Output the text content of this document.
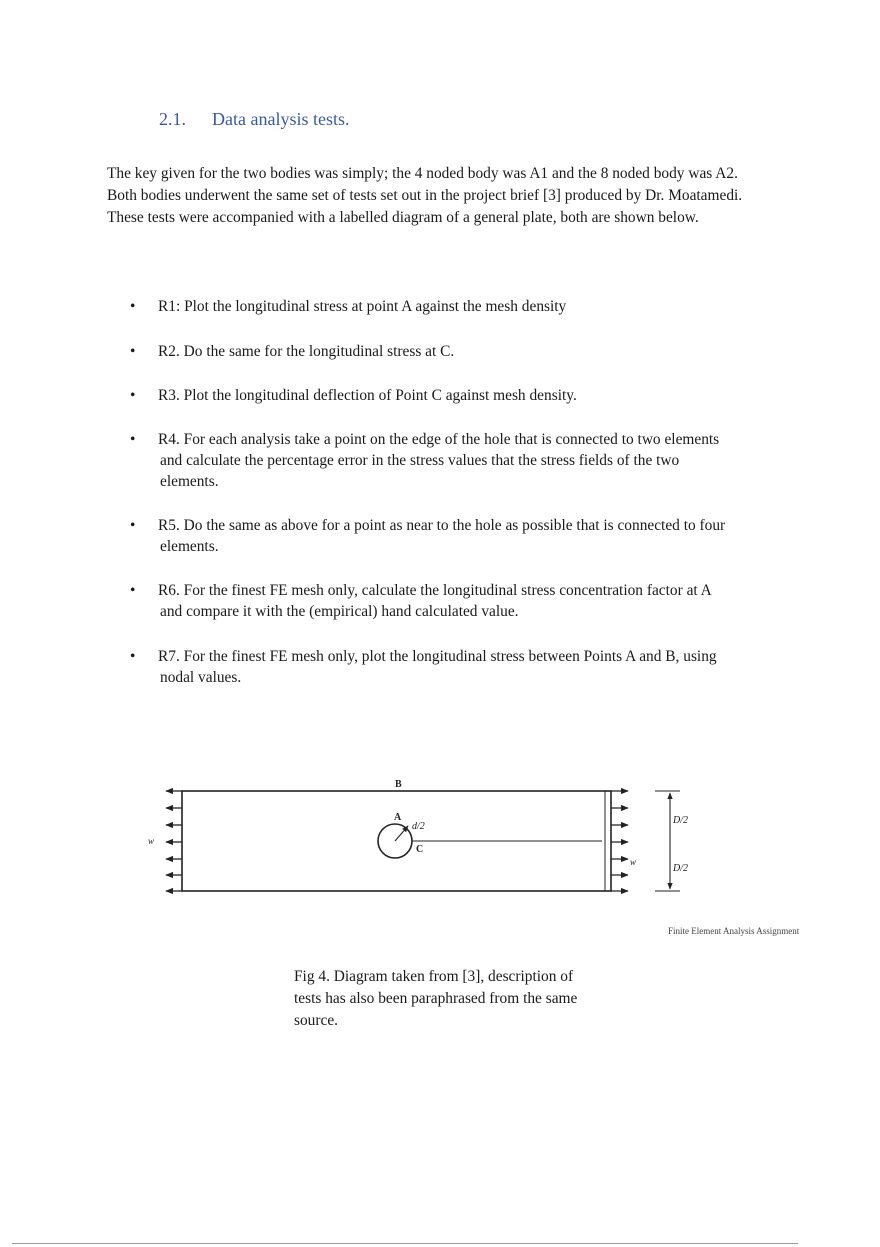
2.1. Data analysis tests.

The key given for the two bodies was simply; the 4 noded body was A1 and the 8 noded body was A2. Both bodies underwent the same set of tests set out in the project brief [3] produced by Dr. Moatamedi. These tests were accompanied with a labelled diagram of a general plate, both are shown below.

• R1: Plot the longitudinal stress at point A against the mesh density
• R2. Do the same for the longitudinal stress at C.
• R3. Plot the longitudinal deflection of Point C against mesh density.
• R4. For each analysis take a point on the edge of the hole that is connected to two elements
and calculate the percentage error in the stress values that the stress fields of the two elements.
• R5. Do the same as above for a point as near to the hole as possible that is connected to four
elements.
• R6. For the finest FE mesh only, calculate the longitudinal stress concentration factor at A
and compare it with the (empirical) hand calculated value.
• R7. For the finest FE mesh only, plot the longitudinal stress between Points A and B, using
nodal values.
B
A
d/2
C
w
w
D/2
D/2
Finite Element Analysis Assignment

Fig 4. Diagram taken from [3], description of tests has also been paraphrased from the same source.
